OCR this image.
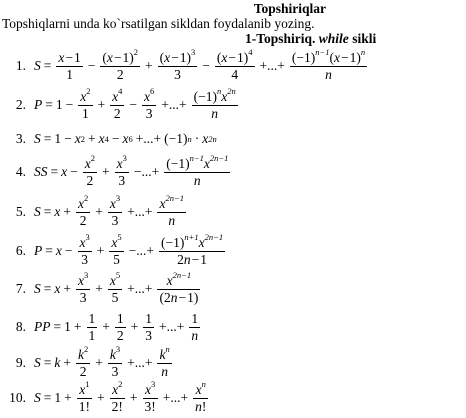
Topshiriqlar
Topshiqlarni unda ko`rsatilgan sikldan foydalanib yozing.
1-Topshiriq. while sikli
1. $S = \frac{x-1}{1} - \frac{(x-1)^2}{2} + \frac{(x-1)^3}{3} - \frac{(x-1)^4}{4}$ +...+ $\frac{(-1)^{n-1}(x-1)^n}{n}$
2. $P = 1 - \frac{x^2}{1} + \frac{x^4}{2} - \frac{x^6}{3}$ +...+ $\frac{(-1)^nx^{2n}}{n}$
3. S = 1 − x 2 + x 4 − x 6 +...+ (−1) n · x 2n
4. SS = $x - \frac{x^2}{2} + \frac{x^3}{3}$ −...+ $\frac{(-1)^{n-1}x^{2n-1}}{n}$
5. $S = x + \frac{x^2}{2} + \frac{x^3}{3}$ +...+ $\frac{x^{2n-1}}{n}$
6. $P = x - \frac{x^3}{3} + \frac{x^5}{5}$ −...+ $\frac{(-1)^{n+1}x^{2n-1}}{2n-1}$
7. $S = x + \frac{x^3}{3} + \frac{x^5}{5}$ +...+ $\frac{x^{2n-1}}{(2n-1)}$
8. PP = $1 + \frac{1}{1} + \frac{1}{2} + \frac{1}{3}$ +...+ $\frac{1}{n}$
9. $S = k + \frac{k^2}{2} + \frac{k^3}{3}$ +...+ $\frac{k^n}{n}$
10. $S = 1 + \frac{x^1}{1!} + \frac{x^2}{2!} + \frac{x^3}{3!}$ +...+ $\frac{x^n}{n!}$
